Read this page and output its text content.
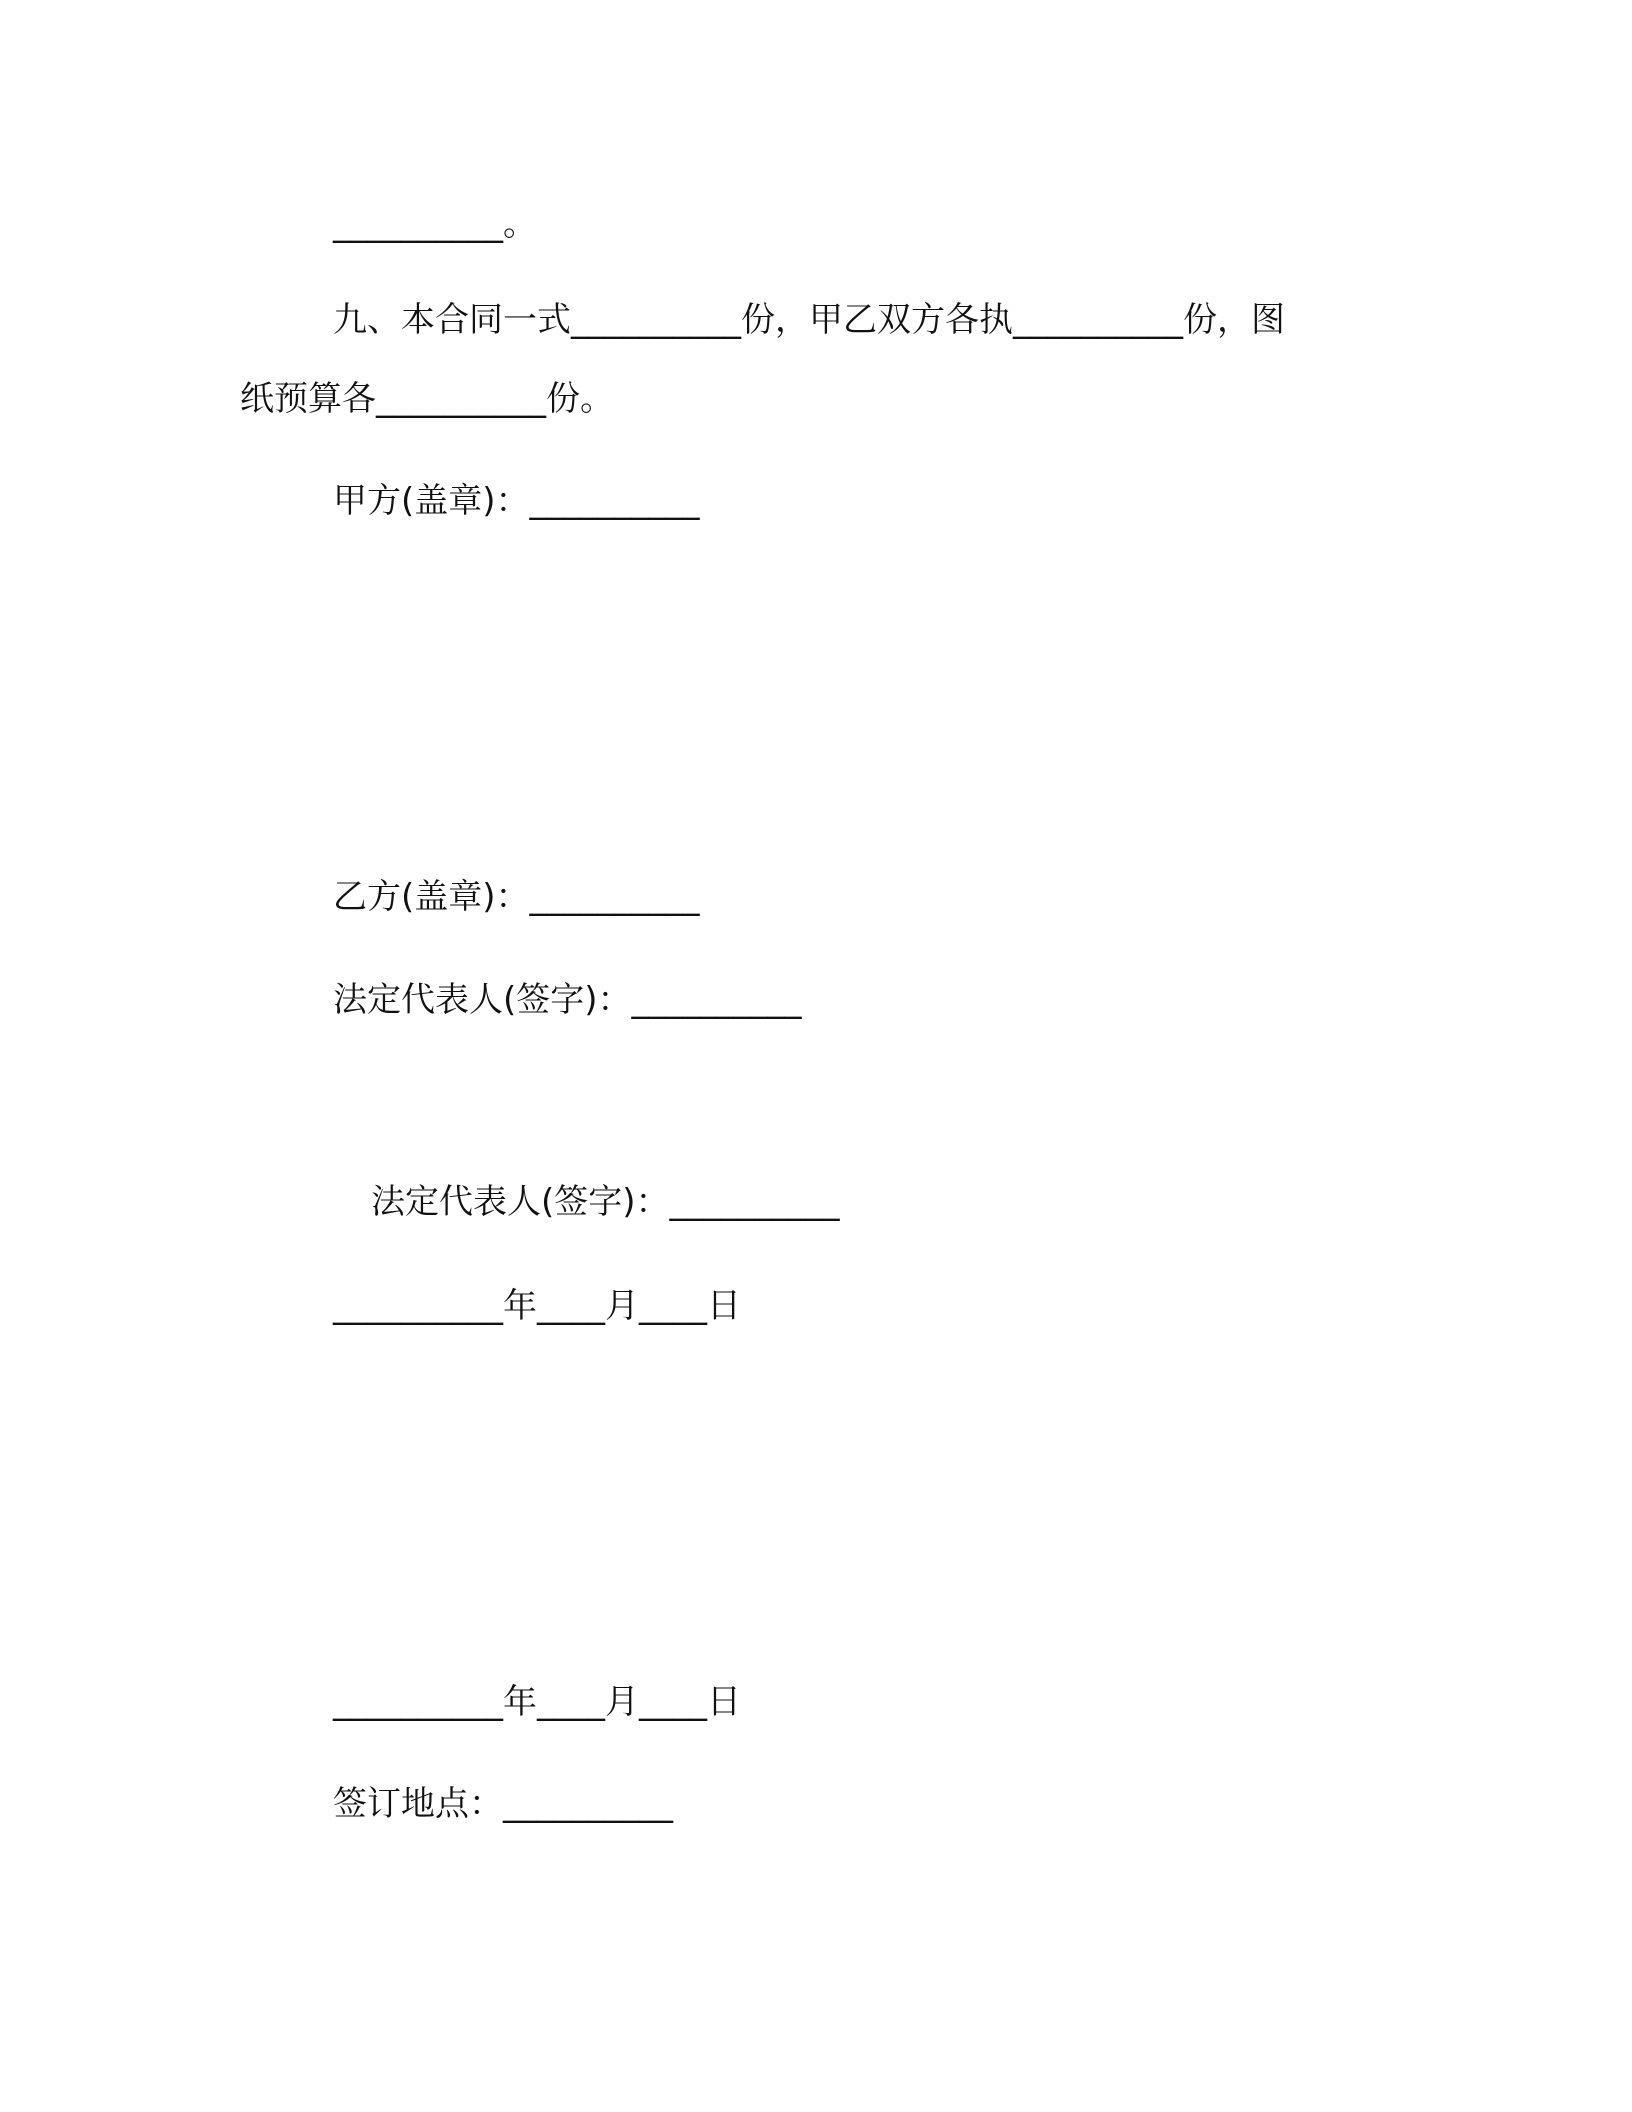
__________。
九、本合同一式__________份，甲乙双方各执__________份，图
纸预算各__________份。
甲方(盖章)：__________
乙方(盖章)：__________
法定代表人(签字)：__________
法定代表人(签字)：__________
__________年____月____日
__________年____月____日
签订地点：__________
